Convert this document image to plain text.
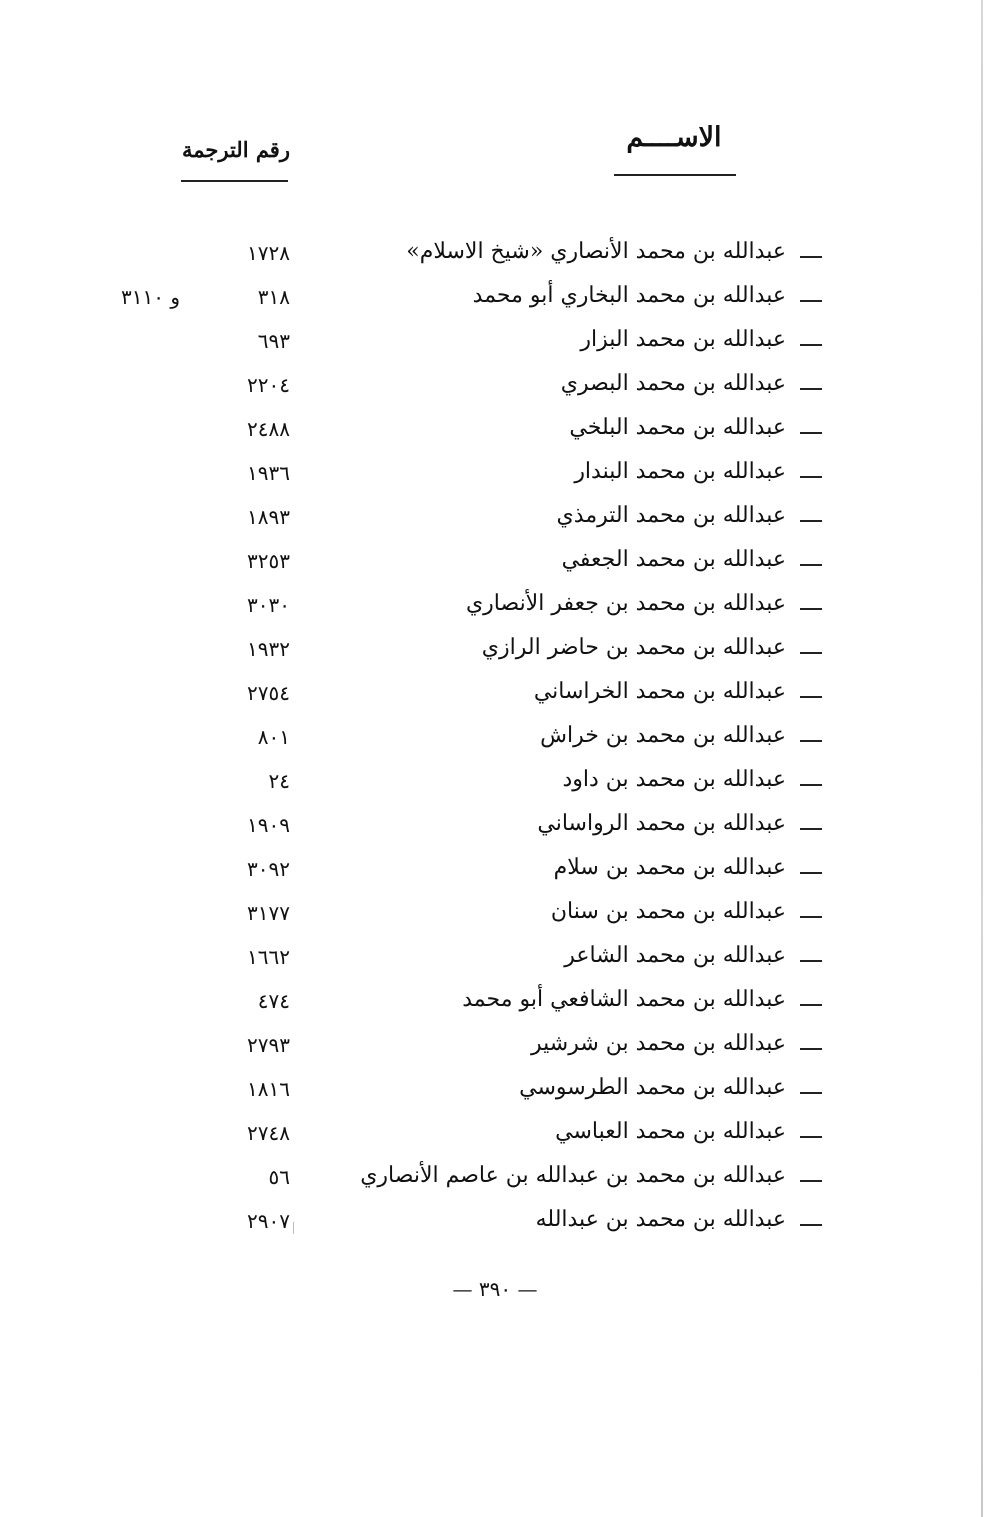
الاســــم
رقم الترجمة
عبدالله بن محمد الأنصاري «شيخ الاسلام»
١٧٢٨
عبدالله بن محمد البخاري أبو محمد
٣١٨
و ٣١١٠
عبدالله بن محمد البزار
٦٩٣
عبدالله بن محمد البصري
٢٢٠٤
عبدالله بن محمد البلخي
٢٤٨٨
عبدالله بن محمد البندار
١٩٣٦
عبدالله بن محمد الترمذي
١٨٩٣
عبدالله بن محمد الجعفي
٣٢٥٣
عبدالله بن محمد بن جعفر الأنصاري
٣٠٣٠
عبدالله بن محمد بن حاضر الرازي
١٩٣٢
عبدالله بن محمد الخراساني
٢٧٥٤
عبدالله بن محمد بن خراش
٨٠١
عبدالله بن محمد بن داود
٢٤
عبدالله بن محمد الرواساني
١٩٠٩
عبدالله بن محمد بن سلام
٣٠٩٢
عبدالله بن محمد بن سنان
٣١٧٧
عبدالله بن محمد الشاعر
١٦٦٢
عبدالله بن محمد الشافعي أبو محمد
٤٧٤
عبدالله بن محمد بن شرشير
٢٧٩٣
عبدالله بن محمد الطرسوسي
١٨١٦
عبدالله بن محمد العباسي
٢٧٤٨
عبدالله بن محمد بن عبدالله بن عاصم الأنصاري
٥٦
عبدالله بن محمد بن عبدالله
٢٩٠٧
— ٣٩٠ —
